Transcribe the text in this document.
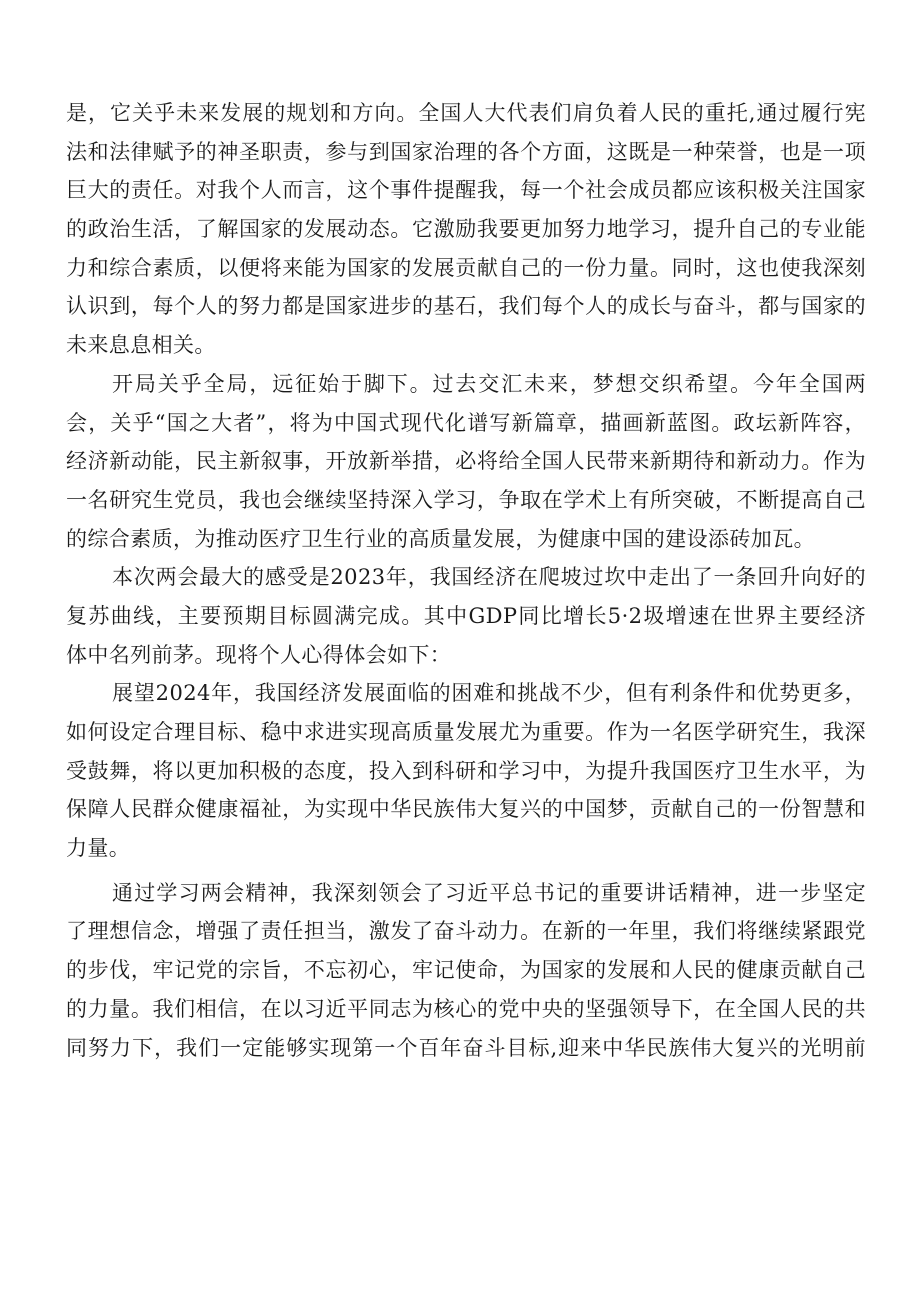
是，它关乎未来发展的规划和方向。全国人大代表们肩负着人民的重托,通过履行宪
法和法律赋予的神圣职责，参与到国家治理的各个方面，这既是一种荣誉，也是一项
巨大的责任。对我个人而言，这个事件提醒我，每一个社会成员都应该积极关注国家
的政治生活，了解国家的发展动态。它激励我要更加努力地学习，提升自己的专业能
力和综合素质，以便将来能为国家的发展贡献自己的一份力量。同时，这也使我深刻
认识到，每个人的努力都是国家进步的基石，我们每个人的成长与奋斗，都与国家的
未来息息相关。
开局关乎全局，远征始于脚下。过去交汇未来，梦想交织希望。今年全国两
会，关乎“国之大者”，将为中国式现代化谱写新篇章，描画新蓝图。政坛新阵容，
经济新动能，民主新叙事，开放新举措，必将给全国人民带来新期待和新动力。作为
一名研究生党员，我也会继续坚持深入学习，争取在学术上有所突破，不断提高自己
的综合素质，为推动医疗卫生行业的高质量发展，为健康中国的建设添砖加瓦。
本次两会最大的感受是2023年，我国经济在爬坡过坎中走出了一条回升向好的
复苏曲线，主要预期目标圆满完成。其中GDP同比增长5·2圾增速在世界主要经济
体中名列前茅。现将个人心得体会如下：
展望2024年，我国经济发展面临的困难和挑战不少，但有利条件和优势更多，
如何设定合理目标、稳中求进实现高质量发展尤为重要。作为一名医学研究生，我深
受鼓舞，将以更加积极的态度，投入到科研和学习中，为提升我国医疗卫生水平，为
保障人民群众健康福祉，为实现中华民族伟大复兴的中国梦，贡献自己的一份智慧和
力量。
通过学习两会精神，我深刻领会了习近平总书记的重要讲话精神，进一步坚定
了理想信念，增强了责任担当，激发了奋斗动力。在新的一年里，我们将继续紧跟党
的步伐，牢记党的宗旨，不忘初心，牢记使命，为国家的发展和人民的健康贡献自己
的力量。我们相信，在以习近平同志为核心的党中央的坚强领导下，在全国人民的共
同努力下，我们一定能够实现第一个百年奋斗目标,迎来中华民族伟大复兴的光明前
